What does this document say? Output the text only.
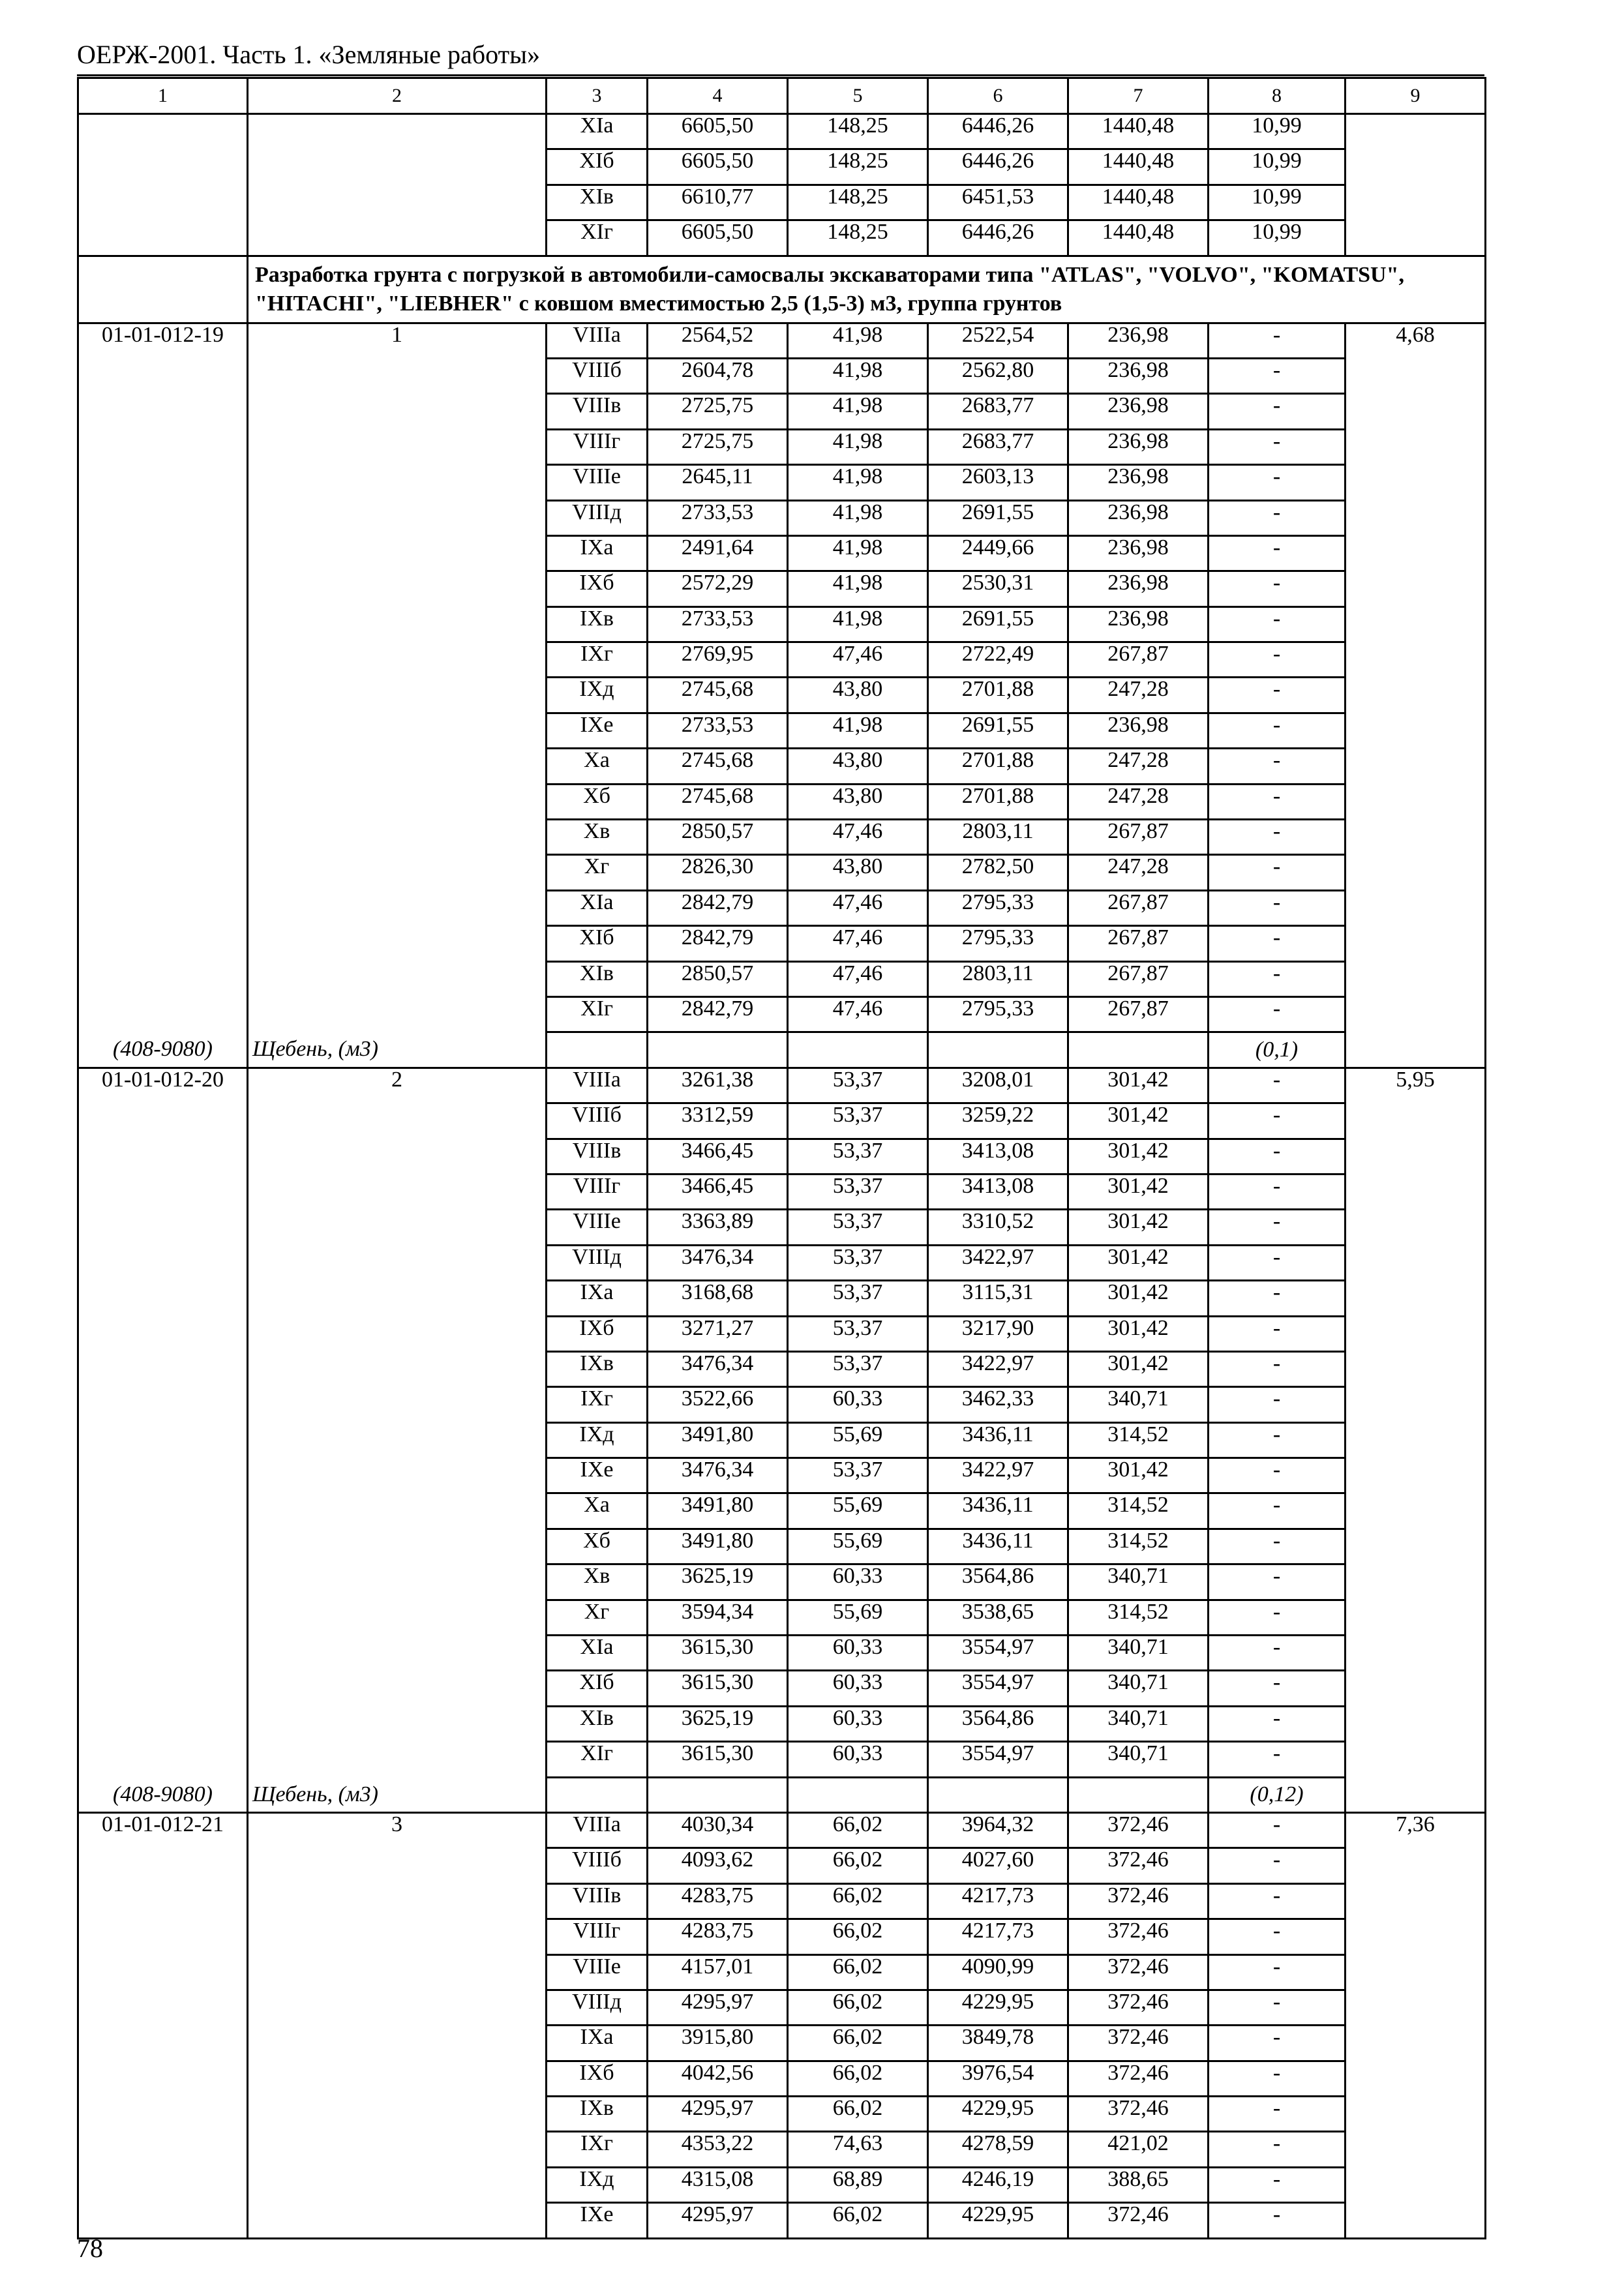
ОЕРЖ-2001. Часть 1. «Земляные работы»
1	2	3	4	5	6	7	8	9
		XIа	6605,50	148,25	6446,26	1440,48	10,99	
		XIб	6605,50	148,25	6446,26	1440,48	10,99	
		XIв	6610,77	148,25	6451,53	1440,48	10,99	
		XIг	6605,50	148,25	6446,26	1440,48	10,99	
	Разработка грунта с погрузкой в автомобили-самосвалы экскаваторами типа "ATLAS", "VOLVO", "KOMATSU", "HITACHI", "LIEBHER" с ковшом вместимостью 2,5 (1,5-3) м3, группа грунтов							
01-01-012-19	1	VIIIа	2564,52	41,98	2522,54	236,98	-	4,68
		VIIIб	2604,78	41,98	2562,80	236,98	-	
		VIIIв	2725,75	41,98	2683,77	236,98	-	
		VIIIг	2725,75	41,98	2683,77	236,98	-	
		VIIIе	2645,11	41,98	2603,13	236,98	-	
		VIIIд	2733,53	41,98	2691,55	236,98	-	
		IXа	2491,64	41,98	2449,66	236,98	-	
		IXб	2572,29	41,98	2530,31	236,98	-	
		IXв	2733,53	41,98	2691,55	236,98	-	
		IXг	2769,95	47,46	2722,49	267,87	-	
		IXд	2745,68	43,80	2701,88	247,28	-	
		IXе	2733,53	41,98	2691,55	236,98	-	
		Xа	2745,68	43,80	2701,88	247,28	-	
		Xб	2745,68	43,80	2701,88	247,28	-	
		Xв	2850,57	47,46	2803,11	267,87	-	
		Xг	2826,30	43,80	2782,50	247,28	-	
		XIа	2842,79	47,46	2795,33	267,87	-	
		XIб	2842,79	47,46	2795,33	267,87	-	
		XIв	2850,57	47,46	2803,11	267,87	-	
		XIг	2842,79	47,46	2795,33	267,87	-	
(408-9080)	Щебень, (м3)						(0,1)	
01-01-012-20	2	VIIIа	3261,38	53,37	3208,01	301,42	-	5,95
		VIIIб	3312,59	53,37	3259,22	301,42	-	
		VIIIв	3466,45	53,37	3413,08	301,42	-	
		VIIIг	3466,45	53,37	3413,08	301,42	-	
		VIIIе	3363,89	53,37	3310,52	301,42	-	
		VIIIд	3476,34	53,37	3422,97	301,42	-	
		IXа	3168,68	53,37	3115,31	301,42	-	
		IXб	3271,27	53,37	3217,90	301,42	-	
		IXв	3476,34	53,37	3422,97	301,42	-	
		IXг	3522,66	60,33	3462,33	340,71	-	
		IXд	3491,80	55,69	3436,11	314,52	-	
		IXе	3476,34	53,37	3422,97	301,42	-	
		Xа	3491,80	55,69	3436,11	314,52	-	
		Xб	3491,80	55,69	3436,11	314,52	-	
		Xв	3625,19	60,33	3564,86	340,71	-	
		Xг	3594,34	55,69	3538,65	314,52	-	
		XIа	3615,30	60,33	3554,97	340,71	-	
		XIб	3615,30	60,33	3554,97	340,71	-	
		XIв	3625,19	60,33	3564,86	340,71	-	
		XIг	3615,30	60,33	3554,97	340,71	-	
(408-9080)	Щебень, (м3)						(0,12)	
01-01-012-21	3	VIIIа	4030,34	66,02	3964,32	372,46	-	7,36
		VIIIб	4093,62	66,02	4027,60	372,46	-	
		VIIIв	4283,75	66,02	4217,73	372,46	-	
		VIIIг	4283,75	66,02	4217,73	372,46	-	
		VIIIе	4157,01	66,02	4090,99	372,46	-	
		VIIIд	4295,97	66,02	4229,95	372,46	-	
		IXа	3915,80	66,02	3849,78	372,46	-	
		IXб	4042,56	66,02	3976,54	372,46	-	
		IXв	4295,97	66,02	4229,95	372,46	-	
		IXг	4353,22	74,63	4278,59	421,02	-	
		IXд	4315,08	68,89	4246,19	388,65	-	
		IXе	4295,97	66,02	4229,95	372,46	-	
78
